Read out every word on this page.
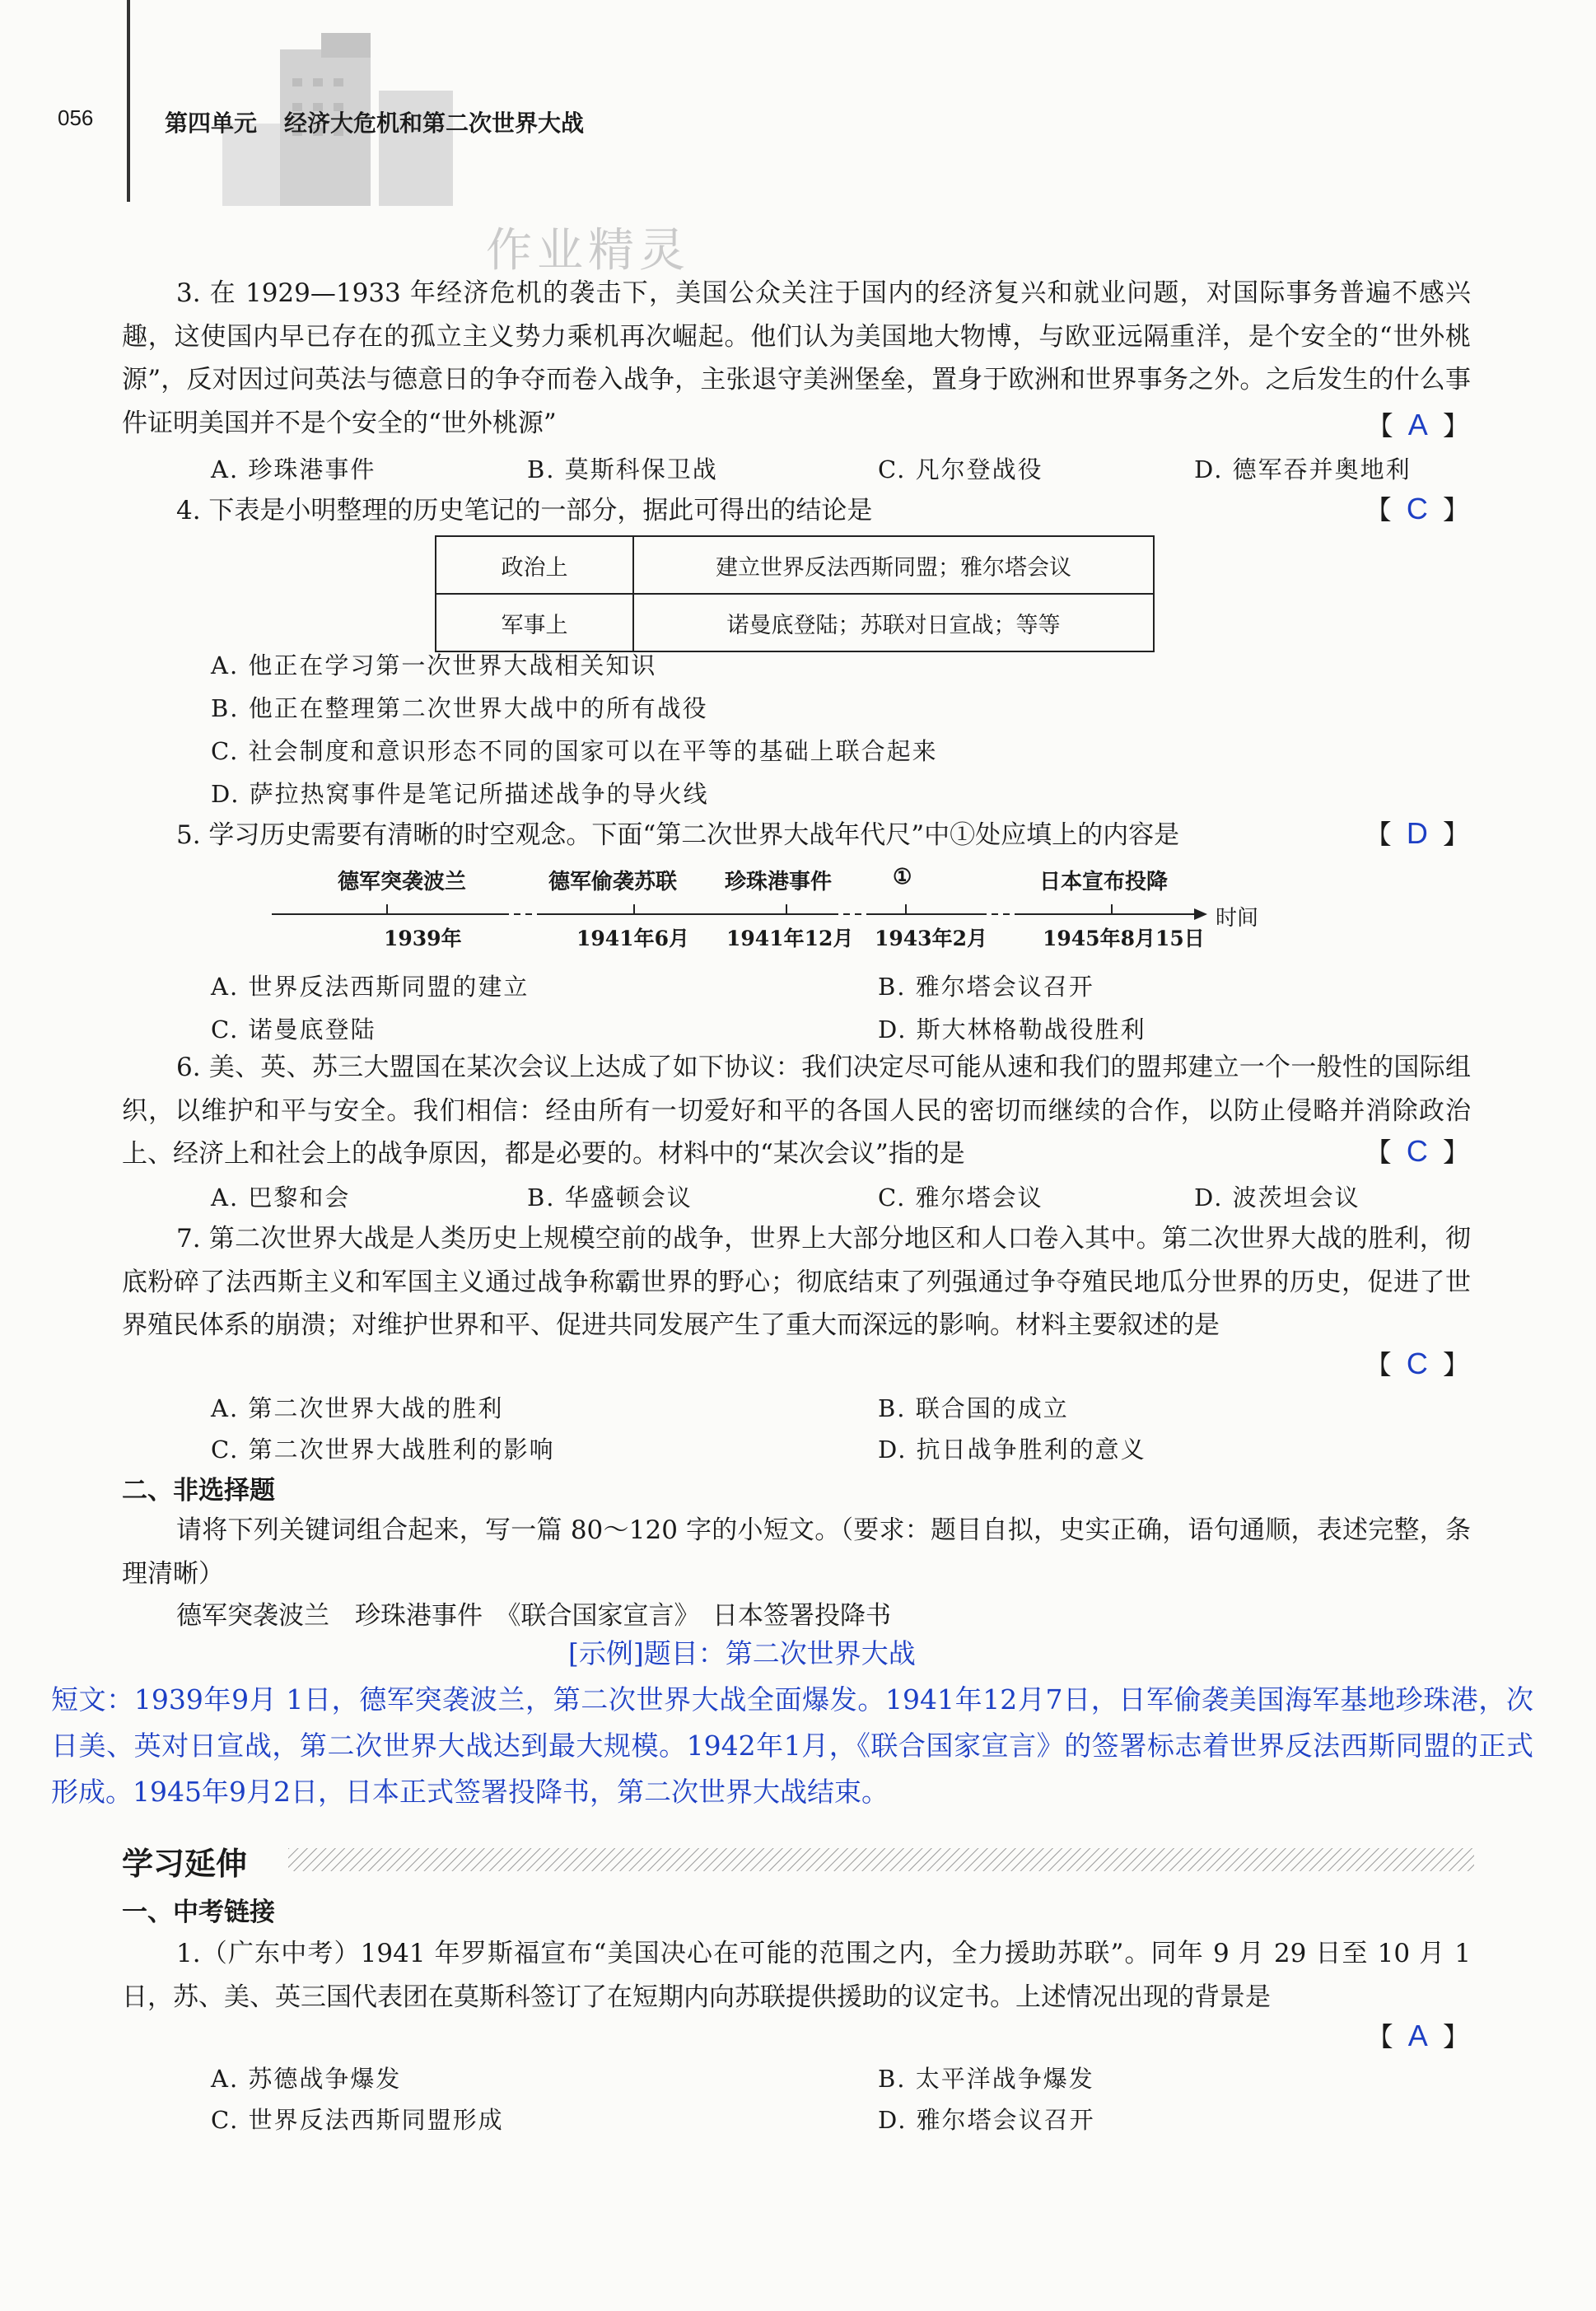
056	第四单元 经济大危机和第二次世界大战
作业精灵
3. 在 1929—1933 年经济危机的袭击下，美国公众关注于国内的经济复兴和就业问题，对国际事务普遍不感兴趣，这使国内早已存在的孤立主义势力乘机再次崛起。他们认为美国地大物博，与欧亚远隔重洋，是个安全的“世外桃源”，反对因过问英法与德意日的争夺而卷入战争，主张退守美洲堡垒，置身于欧洲和世界事务之外。之后发生的什么事件证明美国并不是个安全的“世外桃源”	【 A 】
A. 珍珠港事件	B. 莫斯科保卫战	C. 凡尔登战役	D. 德军吞并奥地利
4. 下表是小明整理的历史笔记的一部分，据此可得出的结论是	【 C 】
政治上	建立世界反法西斯同盟；雅尔塔会议
军事上	诺曼底登陆；苏联对日宣战；等等
A. 他正在学习第一次世界大战相关知识
B. 他正在整理第二次世界大战中的所有战役
C. 社会制度和意识形态不同的国家可以在平等的基础上联合起来
D. 萨拉热窝事件是笔记所描述战争的导火线
5. 学习历史需要有清晰的时空观念。下面“第二次世界大战年代尺”中①处应填上的内容是	【 D 】
德军突袭波兰	德军偷袭苏联 珍珠港事件	①	日本宣布投降
1939年	1941年6月 1941年12月 1943年2月	1945年8月15日
时间
A. 世界反法西斯同盟的建立	B. 雅尔塔会议召开
C. 诺曼底登陆	D. 斯大林格勒战役胜利
6. 美、英、苏三大盟国在某次会议上达成了如下协议：我们决定尽可能从速和我们的盟邦建立一个一般性的国际组织，以维护和平与安全。我们相信：经由所有一切爱好和平的各国人民的密切而继续的合作，以防止侵略并消除政治上、经济上和社会上的战争原因，都是必要的。材料中的“某次会议”指的是	【 C 】
A. 巴黎和会	B. 华盛顿会议	C. 雅尔塔会议	D. 波茨坦会议
7. 第二次世界大战是人类历史上规模空前的战争，世界上大部分地区和人口卷入其中。第二次世界大战的胜利，彻底粉碎了法西斯主义和军国主义通过战争称霸世界的野心；彻底结束了列强通过争夺殖民地瓜分世界的历史，促进了世界殖民体系的崩溃；对维护世界和平、促进共同发展产生了重大而深远的影响。材料主要叙述的是
【 C 】
A. 第二次世界大战的胜利	B. 联合国的成立
C. 第二次世界大战胜利的影响	D. 抗日战争胜利的意义
二、非选择题
请将下列关键词组合起来，写一篇 80～120 字的小短文。（要求：题目自拟，史实正确，语句通顺，表述完整，条理清晰）
德军突袭波兰　珍珠港事件　《联合国家宣言》　日本签署投降书
[示例]题目：第二次世界大战
短文：1939年9月 1日，德军突袭波兰，第二次世界大战全面爆发。1941年12月7日，日军偷袭美国海军基地珍珠港，次日美、英对日宣战，第二次世界大战达到最大规模。1942年1月，《联合国家宣言》的签署标志着世界反法西斯同盟的正式形成。1945年9月2日，日本正式签署投降书，第二次世界大战结束。
学习延伸
一、中考链接
1.（广东中考）1941 年罗斯福宣布“美国决心在可能的范围之内，全力援助苏联”。同年 9 月 29 日至 10 月 1 日，苏、美、英三国代表团在莫斯科签订了在短期内向苏联提供援助的议定书。上述情况出现的背景是
【 A 】
A. 苏德战争爆发	B. 太平洋战争爆发
C. 世界反法西斯同盟形成	D. 雅尔塔会议召开
